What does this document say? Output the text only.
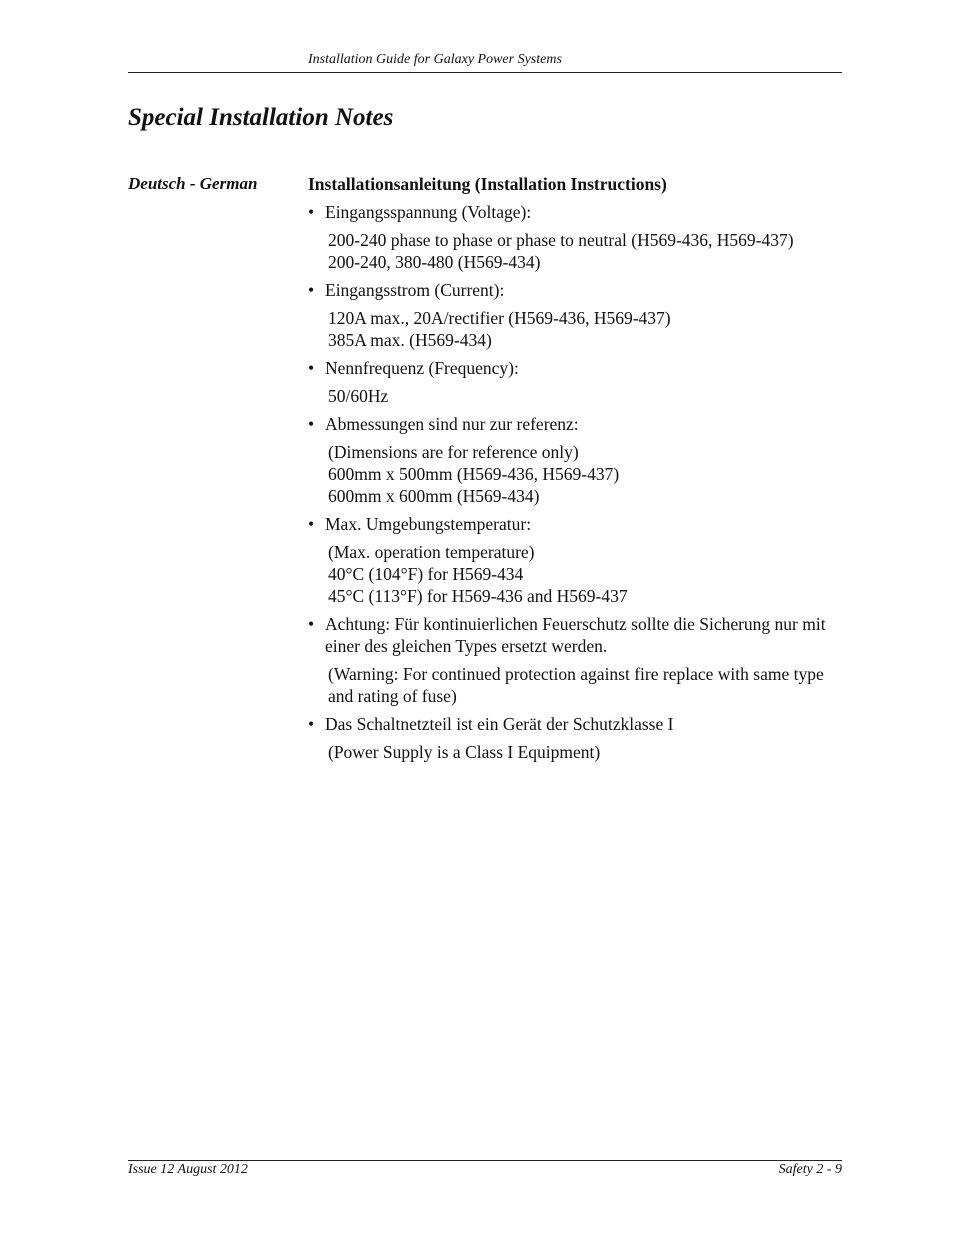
Installation Guide for Galaxy Power Systems
Special Installation Notes
Deutsch - German	Installationsanleitung (Installation Instructions)
• Eingangsspannung (Voltage):
200-240 phase to phase or phase to neutral (H569-436, H569-437)
200-240, 380-480 (H569-434)
• Eingangsstrom (Current):
120A max., 20A/rectifier (H569-436, H569-437)
385A max. (H569-434)
• Nennfrequenz (Frequency):
50/60Hz
• Abmessungen sind nur zur referenz:
(Dimensions are for reference only)
600mm x 500mm (H569-436, H569-437)
600mm x 600mm (H569-434)
• Max. Umgebungstemperatur:
(Max. operation temperature)
40°C (104°F) for H569-434
45°C (113°F) for H569-436 and H569-437
• Achtung: Für kontinuierlichen Feuerschutz sollte die Sicherung nur mit einer des gleichen Types ersetzt werden.
(Warning: For continued protection against fire replace with same type and rating of fuse)
• Das Schaltnetzteil ist ein Gerät der Schutzklasse I
(Power Supply is a Class I Equipment)
Issue 12 August 2012	Safety 2 - 9
